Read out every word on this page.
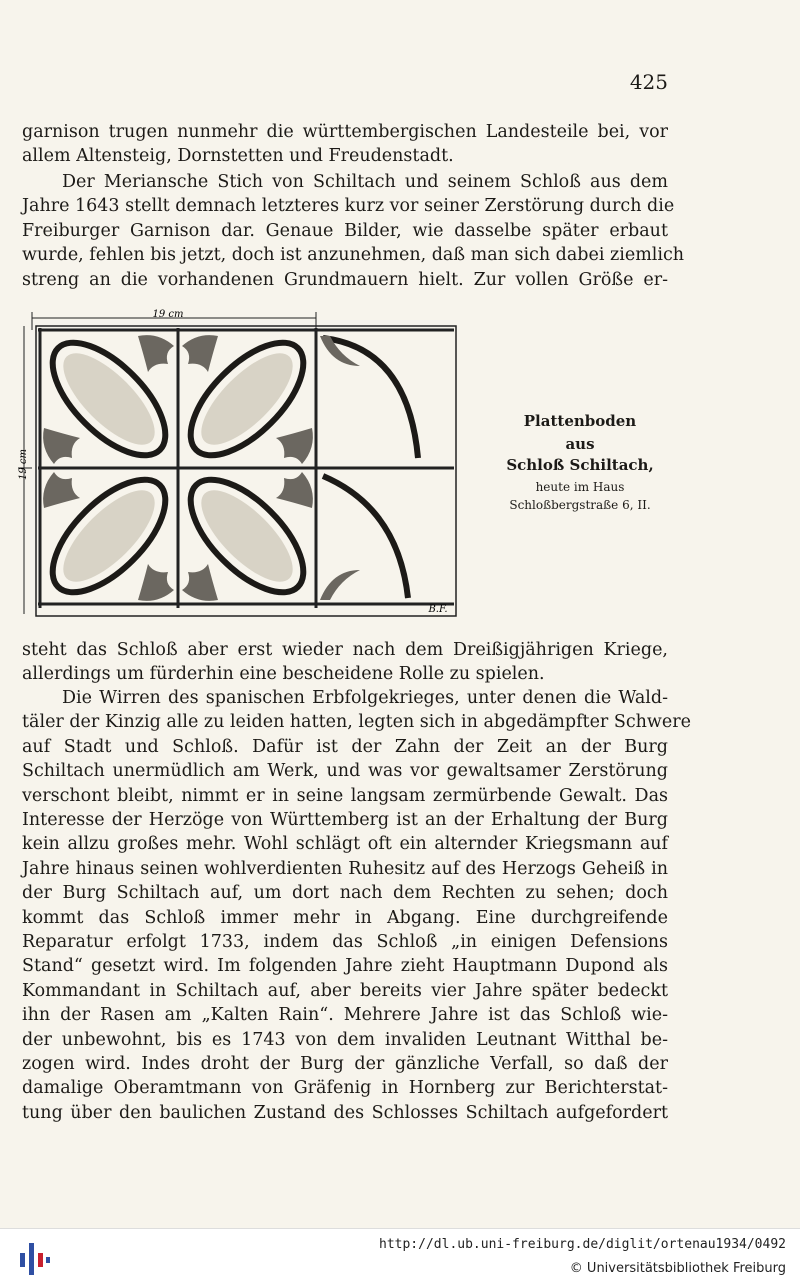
425
garnison trugen nunmehr die württembergischen Landesteile bei, vor
allem Altensteig, Dornstetten und Freudenstadt.
Der Meriansche Stich von Schiltach und seinem Schloß aus dem
Jahre 1643 stellt demnach letzteres kurz vor seiner Zerstörung durch die
Freiburger Garnison dar. Genaue Bilder, wie dasselbe später erbaut
wurde, fehlen bis jetzt, doch ist anzunehmen, daß man sich dabei ziemlich
streng an die vorhandenen Grundmauern hielt. Zur vollen Größe er-
19 cm
19 cm
B.F.
Plattenboden
aus
Schloß Schiltach,
heute im Haus
Schloßbergstraße 6, II.
steht das Schloß aber erst wieder nach dem Dreißigjährigen Kriege,
allerdings um fürderhin eine bescheidene Rolle zu spielen.
Die Wirren des spanischen Erbfolgekrieges, unter denen die Wald-
täler der Kinzig alle zu leiden hatten, legten sich in abgedämpfter Schwere
auf Stadt und Schloß. Dafür ist der Zahn der Zeit an der Burg
Schiltach unermüdlich am Werk, und was vor gewaltsamer Zerstörung
verschont bleibt, nimmt er in seine langsam zermürbende Gewalt. Das
Interesse der Herzöge von Württemberg ist an der Erhaltung der Burg
kein allzu großes mehr. Wohl schlägt oft ein alternder Kriegsmann auf
Jahre hinaus seinen wohlverdienten Ruhesitz auf des Herzogs Geheiß in
der Burg Schiltach auf, um dort nach dem Rechten zu sehen; doch
kommt das Schloß immer mehr in Abgang. Eine durchgreifende
Reparatur erfolgt 1733, indem das Schloß „in einigen Defensions
Stand“ gesetzt wird. Im folgenden Jahre zieht Hauptmann Dupond als
Kommandant in Schiltach auf, aber bereits vier Jahre später bedeckt
ihn der Rasen am „Kalten Rain“. Mehrere Jahre ist das Schloß wie-
der unbewohnt, bis es 1743 von dem invaliden Leutnant Witthal be-
zogen wird. Indes droht der Burg der gänzliche Verfall, so daß der
damalige Oberamtmann von Gräfenig in Hornberg zur Berichterstat-
tung über den baulichen Zustand des Schlosses Schiltach aufgefordert
http://dl.ub.uni-freiburg.de/diglit/ortenau1934/0492
© Universitätsbibliothek Freiburg
